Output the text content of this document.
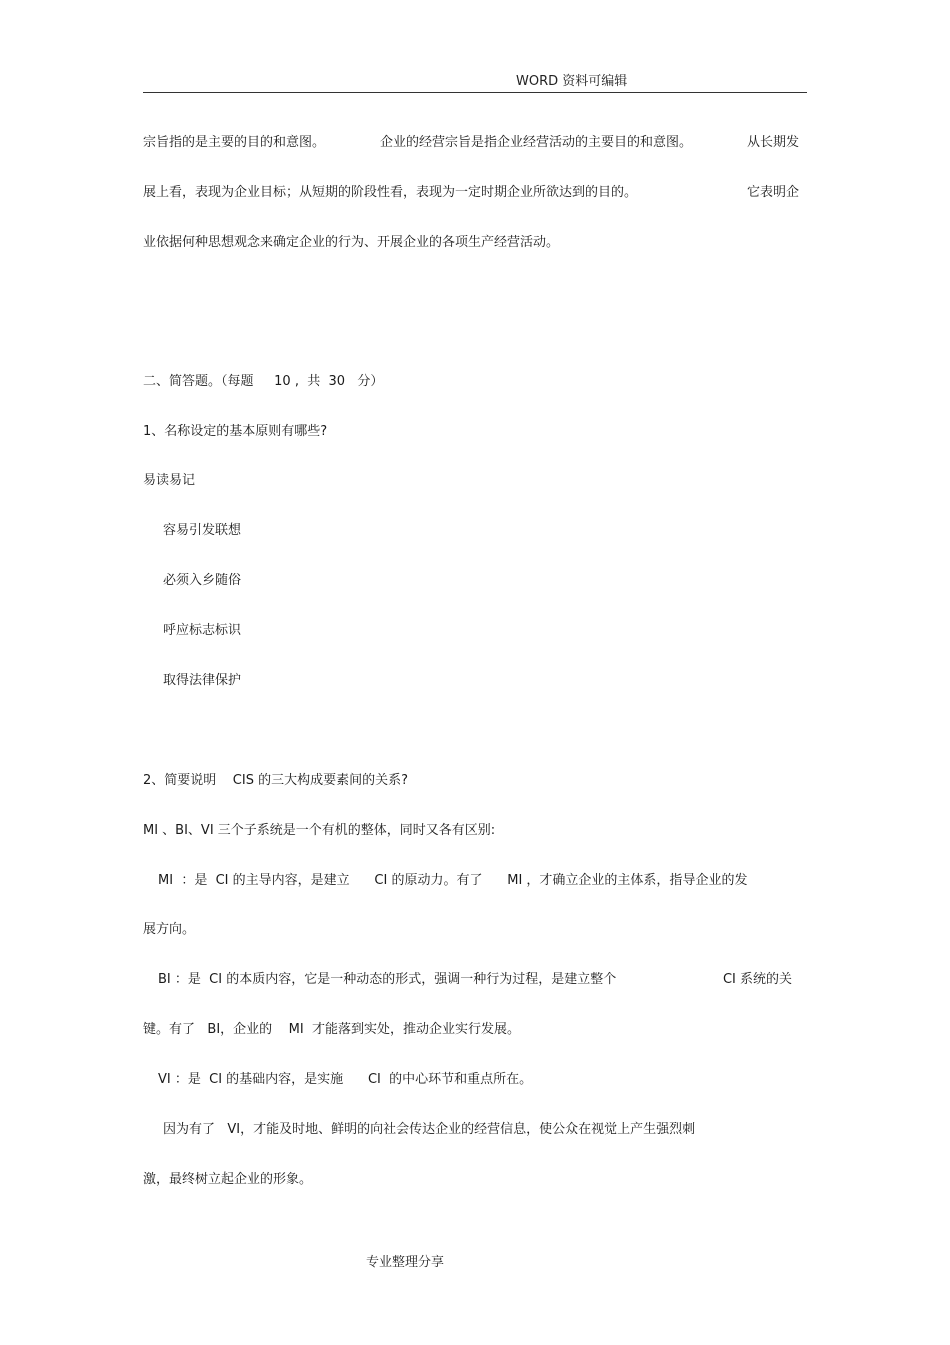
WORD 资料可编辑
宗旨指的是主要的目的和意图。	企业的经营宗旨是指企业经营活动的主要目的和意图。	从长期发
展上看，表现为企业目标；从短期的阶段性看，表现为一定时期企业所欲达到的目的。	它表明企
业依据何种思想观念来确定企业的行为、开展企业的各项生产经营活动。
二、简答题。（每题     10 ,  共  30   分）
1、名称设定的基本原则有哪些?
易读易记
容易引发联想
必须入乡随俗
呼应标志标识
取得法律保护
2、简要说明    CIS 的三大构成要素间的关系?
MI 、BI、VI 三个子系统是一个有机的整体，同时又各有区别:
MI  ：是  CI 的主导内容，是建立      CI 的原动力。有了      MI ，才确立企业的主体系，指导企业的发
展方向。
BI ：是  CI 的本质内容，它是一种动态的形式，强调一种行为过程，是建立整个	CI 系统的关
键。有了   BI，企业的    MI  才能落到实处，推动企业实行发展。
VI ：是  CI 的基础内容，是实施      CI  的中心环节和重点所在。
因为有了   VI，才能及时地、鲜明的向社会传达企业的经营信息，使公众在视觉上产生强烈刺
激，最终树立起企业的形象。
专业整理分享
